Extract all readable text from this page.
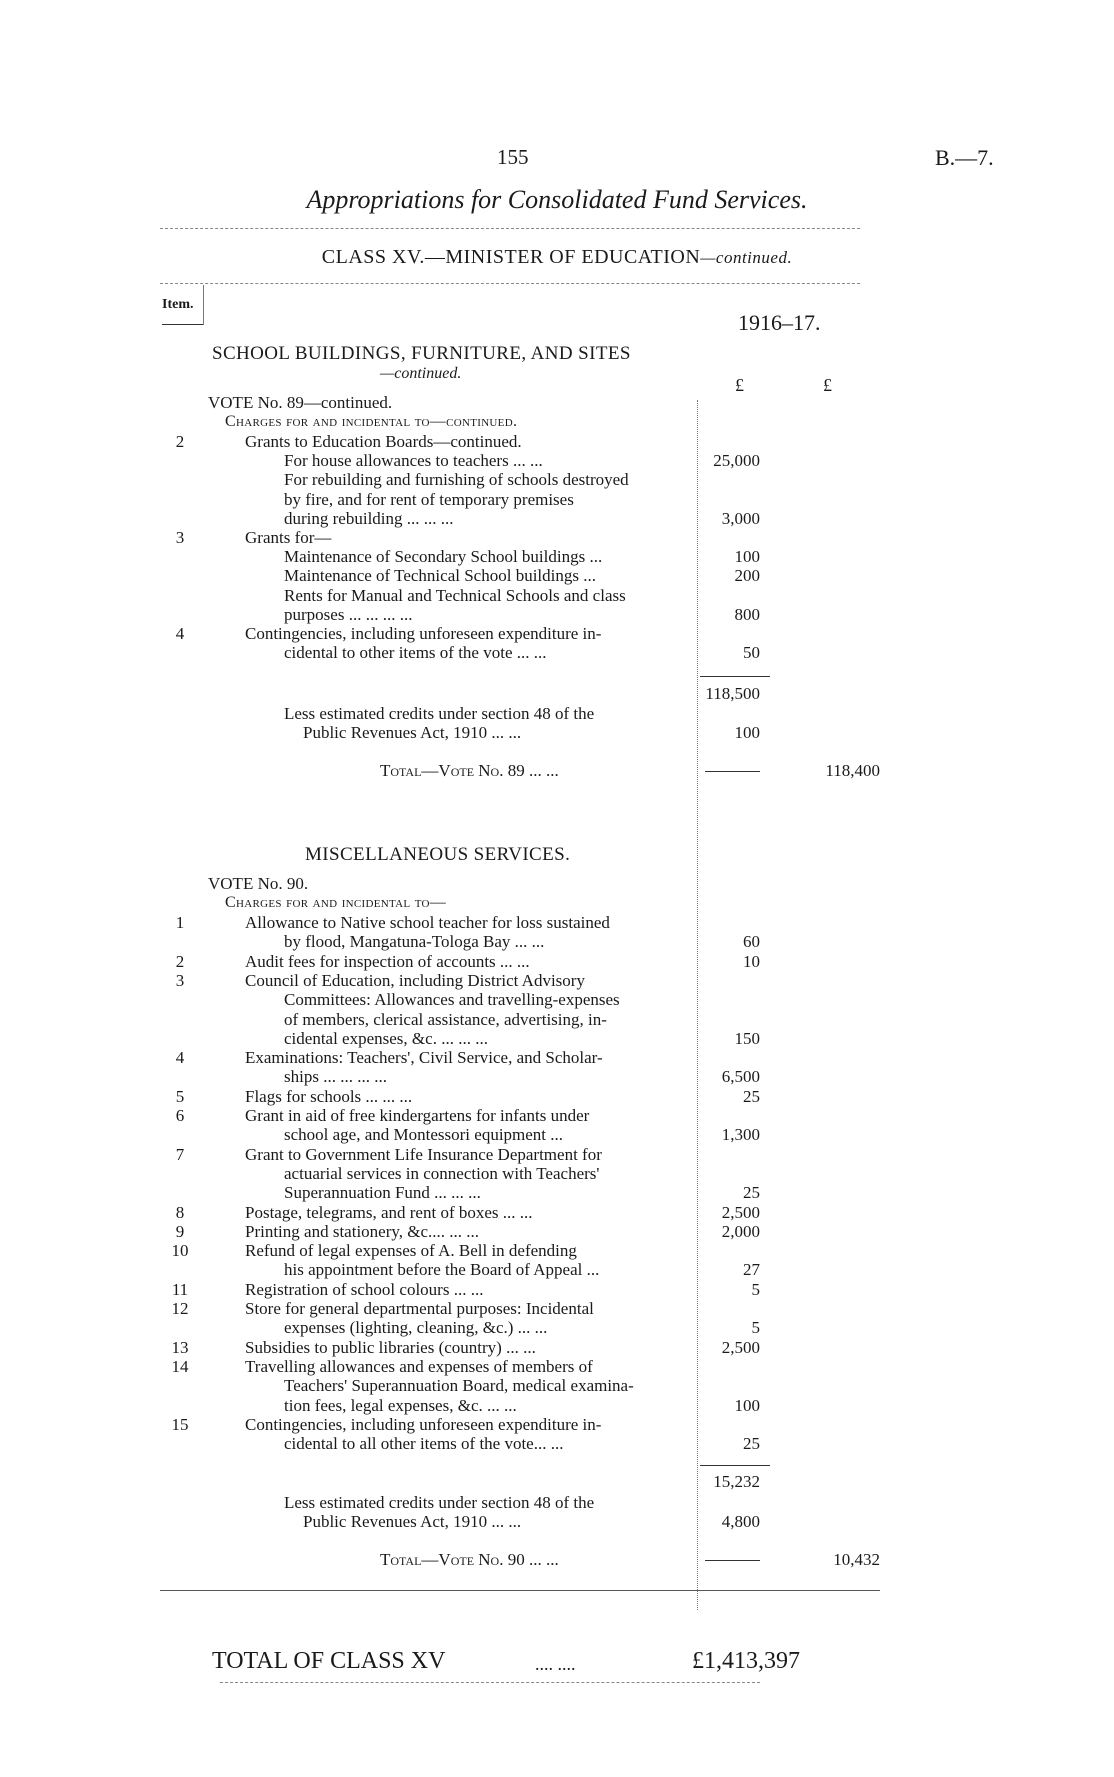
155	B.—7.
Appropriations for Consolidated Fund Services.
CLASS XV.—MINISTER OF EDUCATION—continued.
Item.
1916–17.
£	£
SCHOOL BUILDINGS, FURNITURE, AND SITES
—continued.
VOTE No. 89—continued.
Charges for and incidental to—continued.
2	Grants to Education Boards—continued.
For house allowances to teachers ... ...	25,000
For rebuilding and furnishing of schools destroyed
by fire, and for rent of temporary premises
during rebuilding ... ... ...	3,000
3	Grants for—
Maintenance of Secondary School buildings ...	100
Maintenance of Technical School buildings ...	200
Rents for Manual and Technical Schools and class
purposes ... ... ... ...	800
4	Contingencies, including unforeseen expenditure in-
cidental to other items of the vote ... ...	50
118,500
Less estimated credits under section 48 of the
Public Revenues Act, 1910 ... ...	100
Total—Vote No. 89 ... ...	118,400
MISCELLANEOUS SERVICES.
VOTE No. 90.
Charges for and incidental to—
1	Allowance to Native school teacher for loss sustained
by flood, Mangatuna-Tologa Bay ... ...	60
2	Audit fees for inspection of accounts ... ...	10
3	Council of Education, including District Advisory
Committees: Allowances and travelling-expenses
of members, clerical assistance, advertising, in-
cidental expenses, &c. ... ... ...	150
4	Examinations: Teachers', Civil Service, and Scholar-
ships ... ... ... ...	6,500
5	Flags for schools ... ... ...	25
6	Grant in aid of free kindergartens for infants under
school age, and Montessori equipment ...	1,300
7	Grant to Government Life Insurance Department for
actuarial services in connection with Teachers'
Superannuation Fund ... ... ...	25
8	Postage, telegrams, and rent of boxes ... ...	2,500
9	Printing and stationery, &c.... ... ...	2,000
10	Refund of legal expenses of A. Bell in defending
his appointment before the Board of Appeal ...	27
11	Registration of school colours ... ...	5
12	Store for general departmental purposes: Incidental
expenses (lighting, cleaning, &c.) ... ...	5
13	Subsidies to public libraries (country) ... ...	2,500
14	Travelling allowances and expenses of members of
Teachers' Superannuation Board, medical examina-
tion fees, legal expenses, &c. ... ...	100
15	Contingencies, including unforeseen expenditure in-
cidental to all other items of the vote... ...	25
15,232
Less estimated credits under section 48 of the
Public Revenues Act, 1910 ... ...	4,800
Total—Vote No. 90 ... ...	10,432
TOTAL OF CLASS XV	.... ....	£1,413,397
